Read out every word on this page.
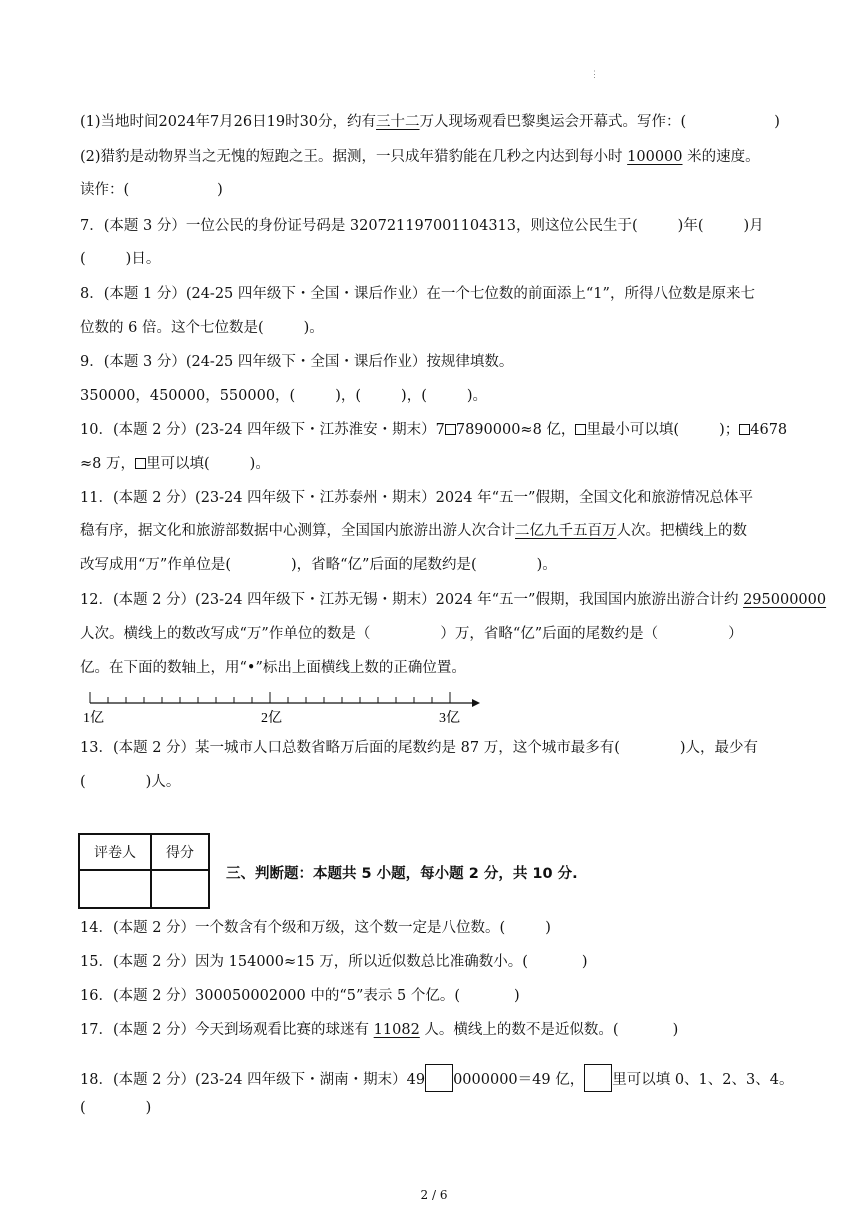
⋮
(1)当地时间2024年7月26日19时30分，约有三十二万人现场观看巴黎奥运会开幕式。写作：(	)
(2)猎豹是动物界当之无愧的短跑之王。据测，一只成年猎豹能在几秒之内达到每小时 100000 米的速度。
读作：(	)
7．(本题 3 分）一位公民的身份证号码是 320721197001104313，则这位公民生于(	)年(	)月
(	)日。
8．(本题 1 分）(24-25 四年级下・全国・课后作业）在一个七位数的前面添上“1”，所得八位数是原来七
位数的 6 倍。这个七位数是(	)。
9．(本题 3 分）(24-25 四年级下・全国・课后作业）按规律填数。
350000，450000，550000，(	)，(	)，(	)。
10．(本题 2 分）(23-24 四年级下・江苏淮安・期末）7 7890000≈8 亿， 里最小可以填(	)； 4678
≈8 万， 里可以填(	)。
11．(本题 2 分）(23-24 四年级下・江苏泰州・期末）2024 年“五一”假期，全国文化和旅游情况总体平
稳有序，据文化和旅游部数据中心测算，全国国内旅游出游人次合计二亿九千五百万人次。把横线上的数
改写成用“万”作单位是(	)，省略“亿”后面的尾数约是(	)。
12．(本题 2 分）(23-24 四年级下・江苏无锡・期末）2024 年“五一”假期，我国国内旅游出游合计约 295000000
人次。横线上的数改写成“万”作单位的数是（	）万，省略“亿”后面的尾数约是（	）
亿。在下面的数轴上，用“•”标出上面横线上数的正确位置。
1亿	2亿	3亿
13．(本题 2 分）某一城市人口总数省略万后面的尾数约是 87 万，这个城市最多有(	)人，最少有
(	)人。
评卷人	得分

三、判断题：本题共 5 小题，每小题 2 分，共 10 分.
14．(本题 2 分）一个数含有个级和万级，这个数一定是八位数。(	)
15．(本题 2 分）因为 154000≈15 万，所以近似数总比准确数小。(	)
16．(本题 2 分）300050002000 中的“5”表示 5 个亿。(	)
17．(本题 2 分）今天到场观看比赛的球迷有 11082 人。横线上的数不是近似数。(	)
18．(本题 2 分）(23-24 四年级下・湖南・期末）49 0000000＝49 亿， 里可以填 0、1、2、3、4。
(	)
2 / 6
